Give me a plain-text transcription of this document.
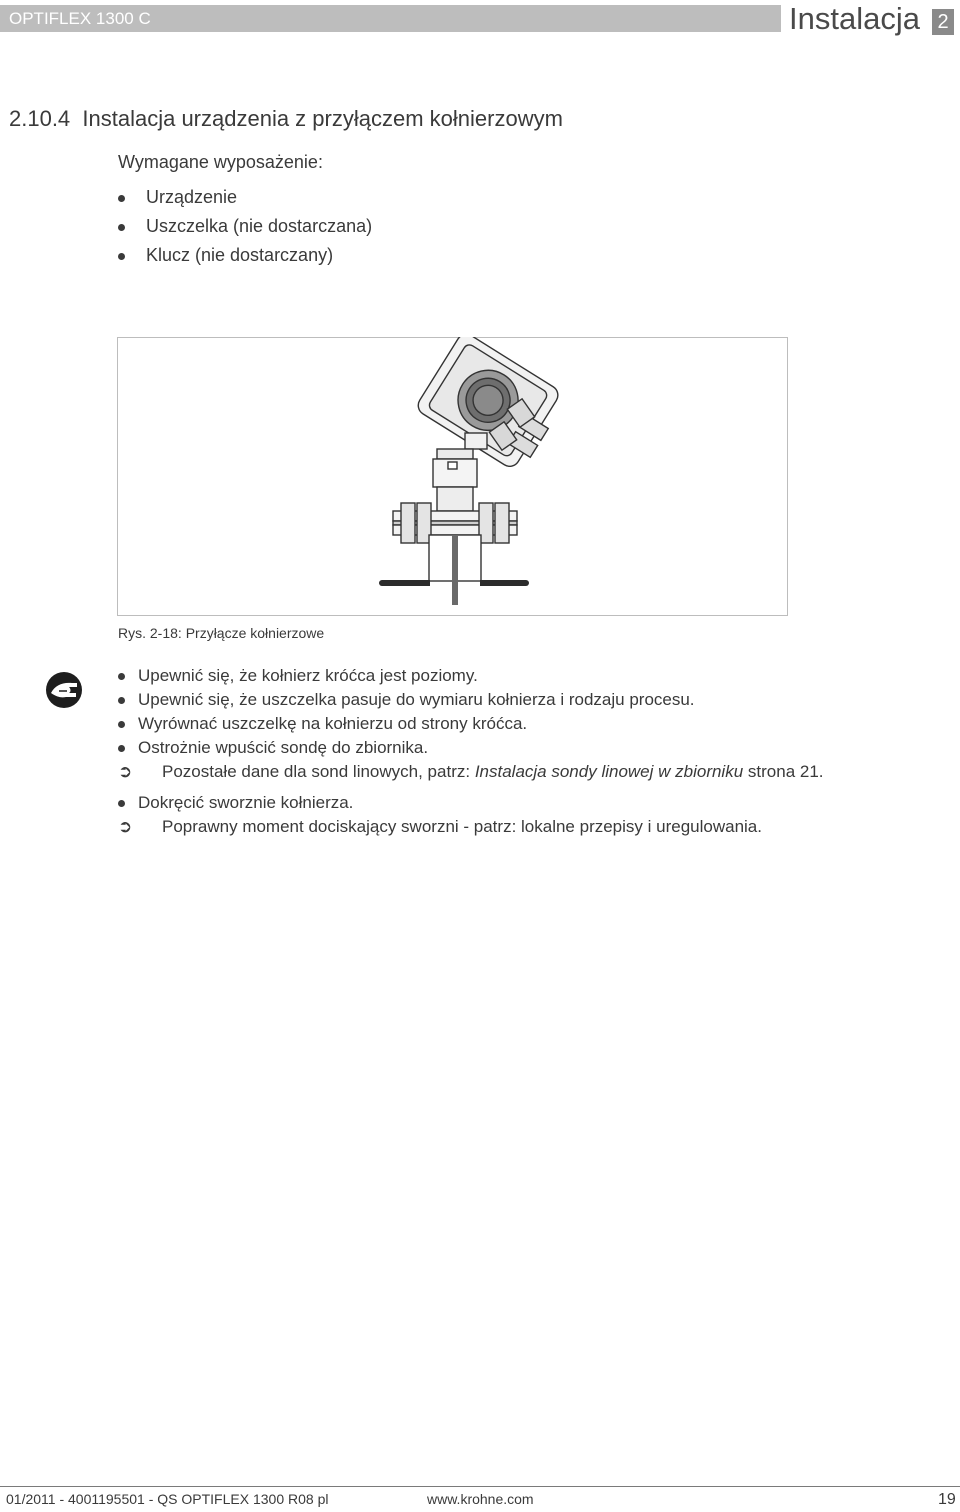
OPTIFLEX 1300 C	Instalacja 2
2.10.4  Instalacja urządzenia z przyłączem kołnierzowym
Wymagane wyposażenie:
Urządzenie
Uszczelka (nie dostarczana)
Klucz (nie dostarczany)
Rys. 2-18: Przyłącze kołnierzowe
Upewnić się, że kołnierz króćca jest poziomy.
Upewnić się, że uszczelka pasuje do wymiaru kołnierza i rodzaju procesu.
Wyrównać uszczelkę na kołnierzu od strony króćca.
Ostrożnie wpuścić sondę do zbiornika.
➲ Pozostałe dane dla sond linowych, patrz: Instalacja sondy linowej w zbiorniku strona 21.
Dokręcić sworznie kołnierza.
➲ Poprawny moment dociskający sworzni - patrz: lokalne przepisy i uregulowania.
01/2011 - 4001195501 - QS OPTIFLEX 1300 R08 pl	www.krohne.com	19
